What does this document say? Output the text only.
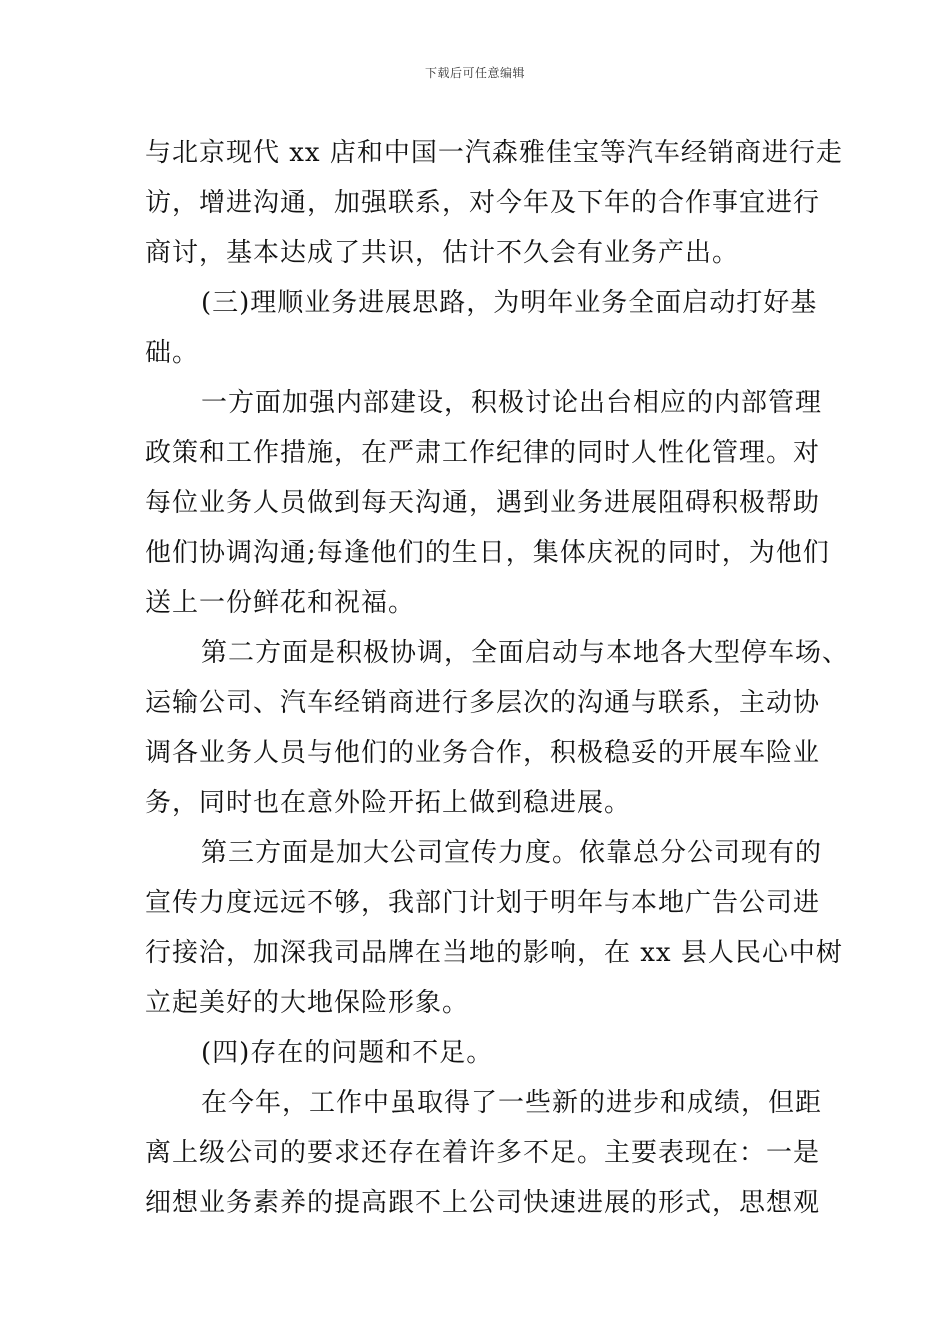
下载后可任意编辑
与北京现代 xx 店和中国一汽森雅佳宝等汽车经销商进行走
访，增进沟通，加强联系，对今年及下年的合作事宜进行
商讨，基本达成了共识，估计不久会有业务产出。
(三)理顺业务进展思路，为明年业务全面启动打好基
础。
一方面加强内部建设，积极讨论出台相应的内部管理
政策和工作措施，在严肃工作纪律的同时人性化管理。对
每位业务人员做到每天沟通，遇到业务进展阻碍积极帮助
他们协调沟通;每逢他们的生日，集体庆祝的同时，为他们
送上一份鲜花和祝福。
第二方面是积极协调，全面启动与本地各大型停车场、
运输公司、汽车经销商进行多层次的沟通与联系，主动协
调各业务人员与他们的业务合作，积极稳妥的开展车险业
务，同时也在意外险开拓上做到稳进展。
第三方面是加大公司宣传力度。依靠总分公司现有的
宣传力度远远不够，我部门计划于明年与本地广告公司进
行接洽，加深我司品牌在当地的影响，在 xx 县人民心中树
立起美好的大地保险形象。
(四)存在的问题和不足。
在今年，工作中虽取得了一些新的进步和成绩，但距
离上级公司的要求还存在着许多不足。主要表现在：一是
细想业务素养的提高跟不上公司快速进展的形式，思想观
